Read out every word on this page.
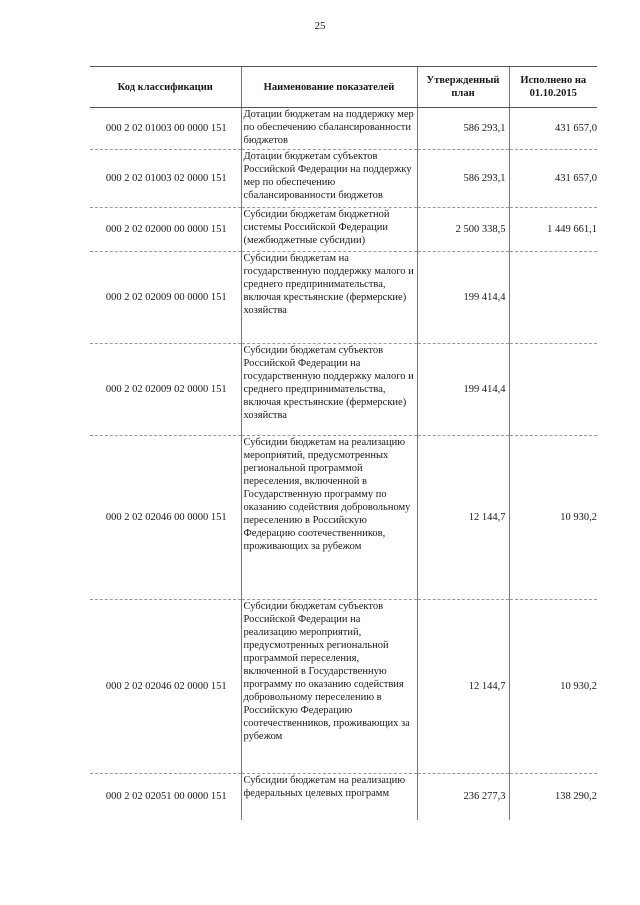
25
Код классификации	Наименование показателей	Утвержденный план	Исполнено на 01.10.2015
000 2 02 01003 00 0000 151	Дотации бюджетам на поддержку мер по обеспечению сбалансированности бюджетов	586 293,1	431 657,0
000 2 02 01003 02 0000 151	Дотации бюджетам субъектов Российской Федерации на поддержку мер по обеспечению сбалансированности бюджетов	586 293,1	431 657,0
000 2 02 02000 00 0000 151	Субсидии бюджетам бюджетной системы Российской Федерации (межбюджетные субсидии)	2 500 338,5	1 449 661,1
000 2 02 02009 00 0000 151	Субсидии бюджетам на государственную поддержку малого и среднего предпринимательства, включая крестьянские (фермерские) хозяйства	199 414,4	
000 2 02 02009 02 0000 151	Субсидии бюджетам субъектов Российской Федерации на государственную поддержку малого и среднего предпринимательства, включая крестьянские (фермерские) хозяйства	199 414,4	
000 2 02 02046 00 0000 151	Субсидии бюджетам на реализацию мероприятий, предусмотренных региональной программой переселения, включенной в Государственную программу по оказанию содействия добровольному переселению в Российскую Федерацию соотечественников, проживающих за рубежом	12 144,7	10 930,2
000 2 02 02046 02 0000 151	Субсидии бюджетам субъектов Российской Федерации на реализацию мероприятий, предусмотренных региональной программой переселения, включенной в Государственную программу по оказанию содействия добровольному переселению в Российскую Федерацию соотечественников, проживающих за рубежом	12 144,7	10 930,2
000 2 02 02051 00 0000 151	Субсидии бюджетам на реализацию федеральных целевых программ	236 277,3	138 290,2
